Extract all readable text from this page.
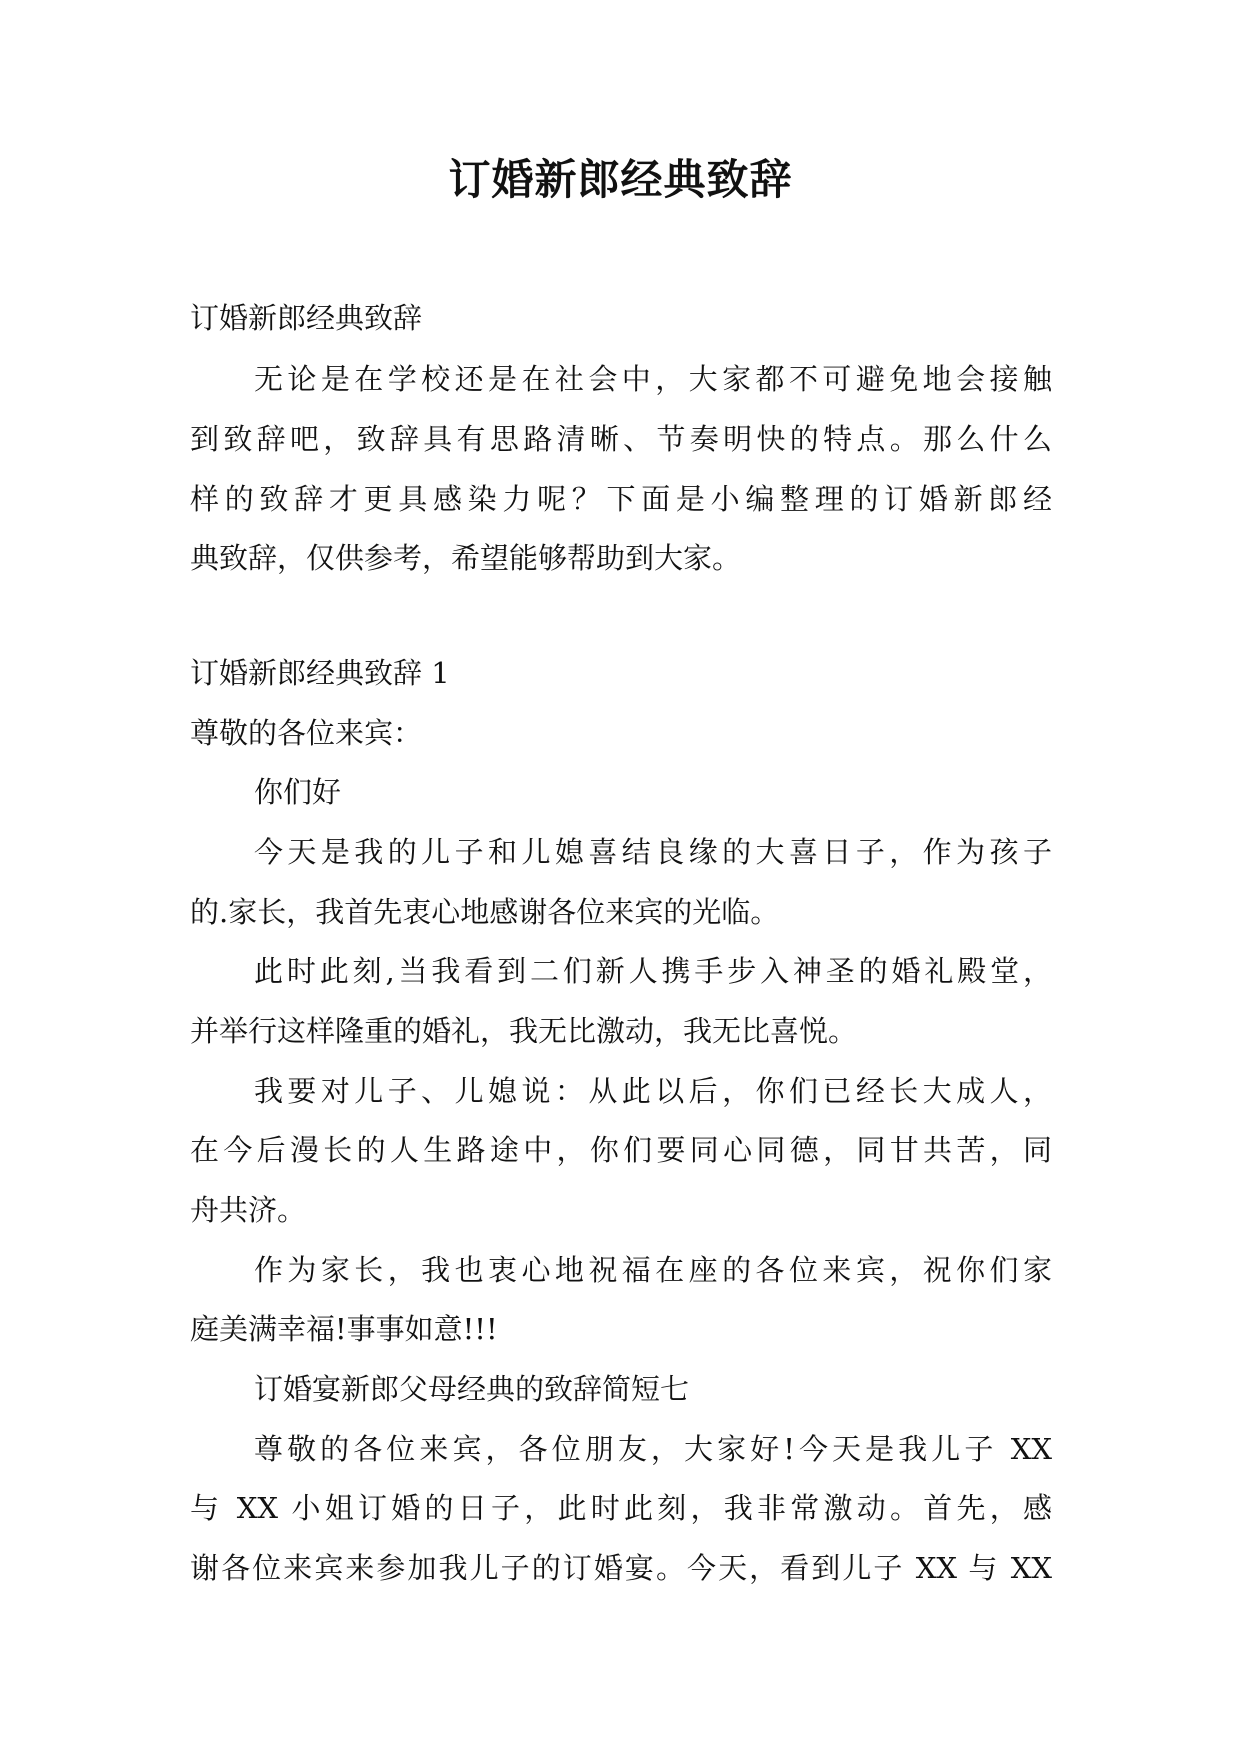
订婚新郎经典致辞
订婚新郎经典致辞
无论是在学校还是在社会中，大家都不可避免地会接触
到致辞吧，致辞具有思路清晰、节奏明快的特点。那么什么
样的致辞才更具感染力呢？下面是小编整理的订婚新郎经
典致辞，仅供参考，希望能够帮助到大家。
订婚新郎经典致辞 1
尊敬的各位来宾：
你们好
今天是我的儿子和儿媳喜结良缘的大喜日子，作为孩子
的.家长，我首先衷心地感谢各位来宾的光临。
此时此刻,当我看到二们新人携手步入神圣的婚礼殿堂，
并举行这样隆重的婚礼，我无比激动，我无比喜悦。
我要对儿子、儿媳说：从此以后，你们已经长大成人，
在今后漫长的人生路途中，你们要同心同德，同甘共苦，同
舟共济。
作为家长，我也衷心地祝福在座的各位来宾，祝你们家
庭美满幸福!事事如意!!!
订婚宴新郎父母经典的致辞简短七
尊敬的各位来宾，各位朋友，大家好!今天是我儿子 XX
与 XX 小姐订婚的日子，此时此刻，我非常激动。首先，感
谢各位来宾来参加我儿子的订婚宴。今天，看到儿子 XX 与 XX
